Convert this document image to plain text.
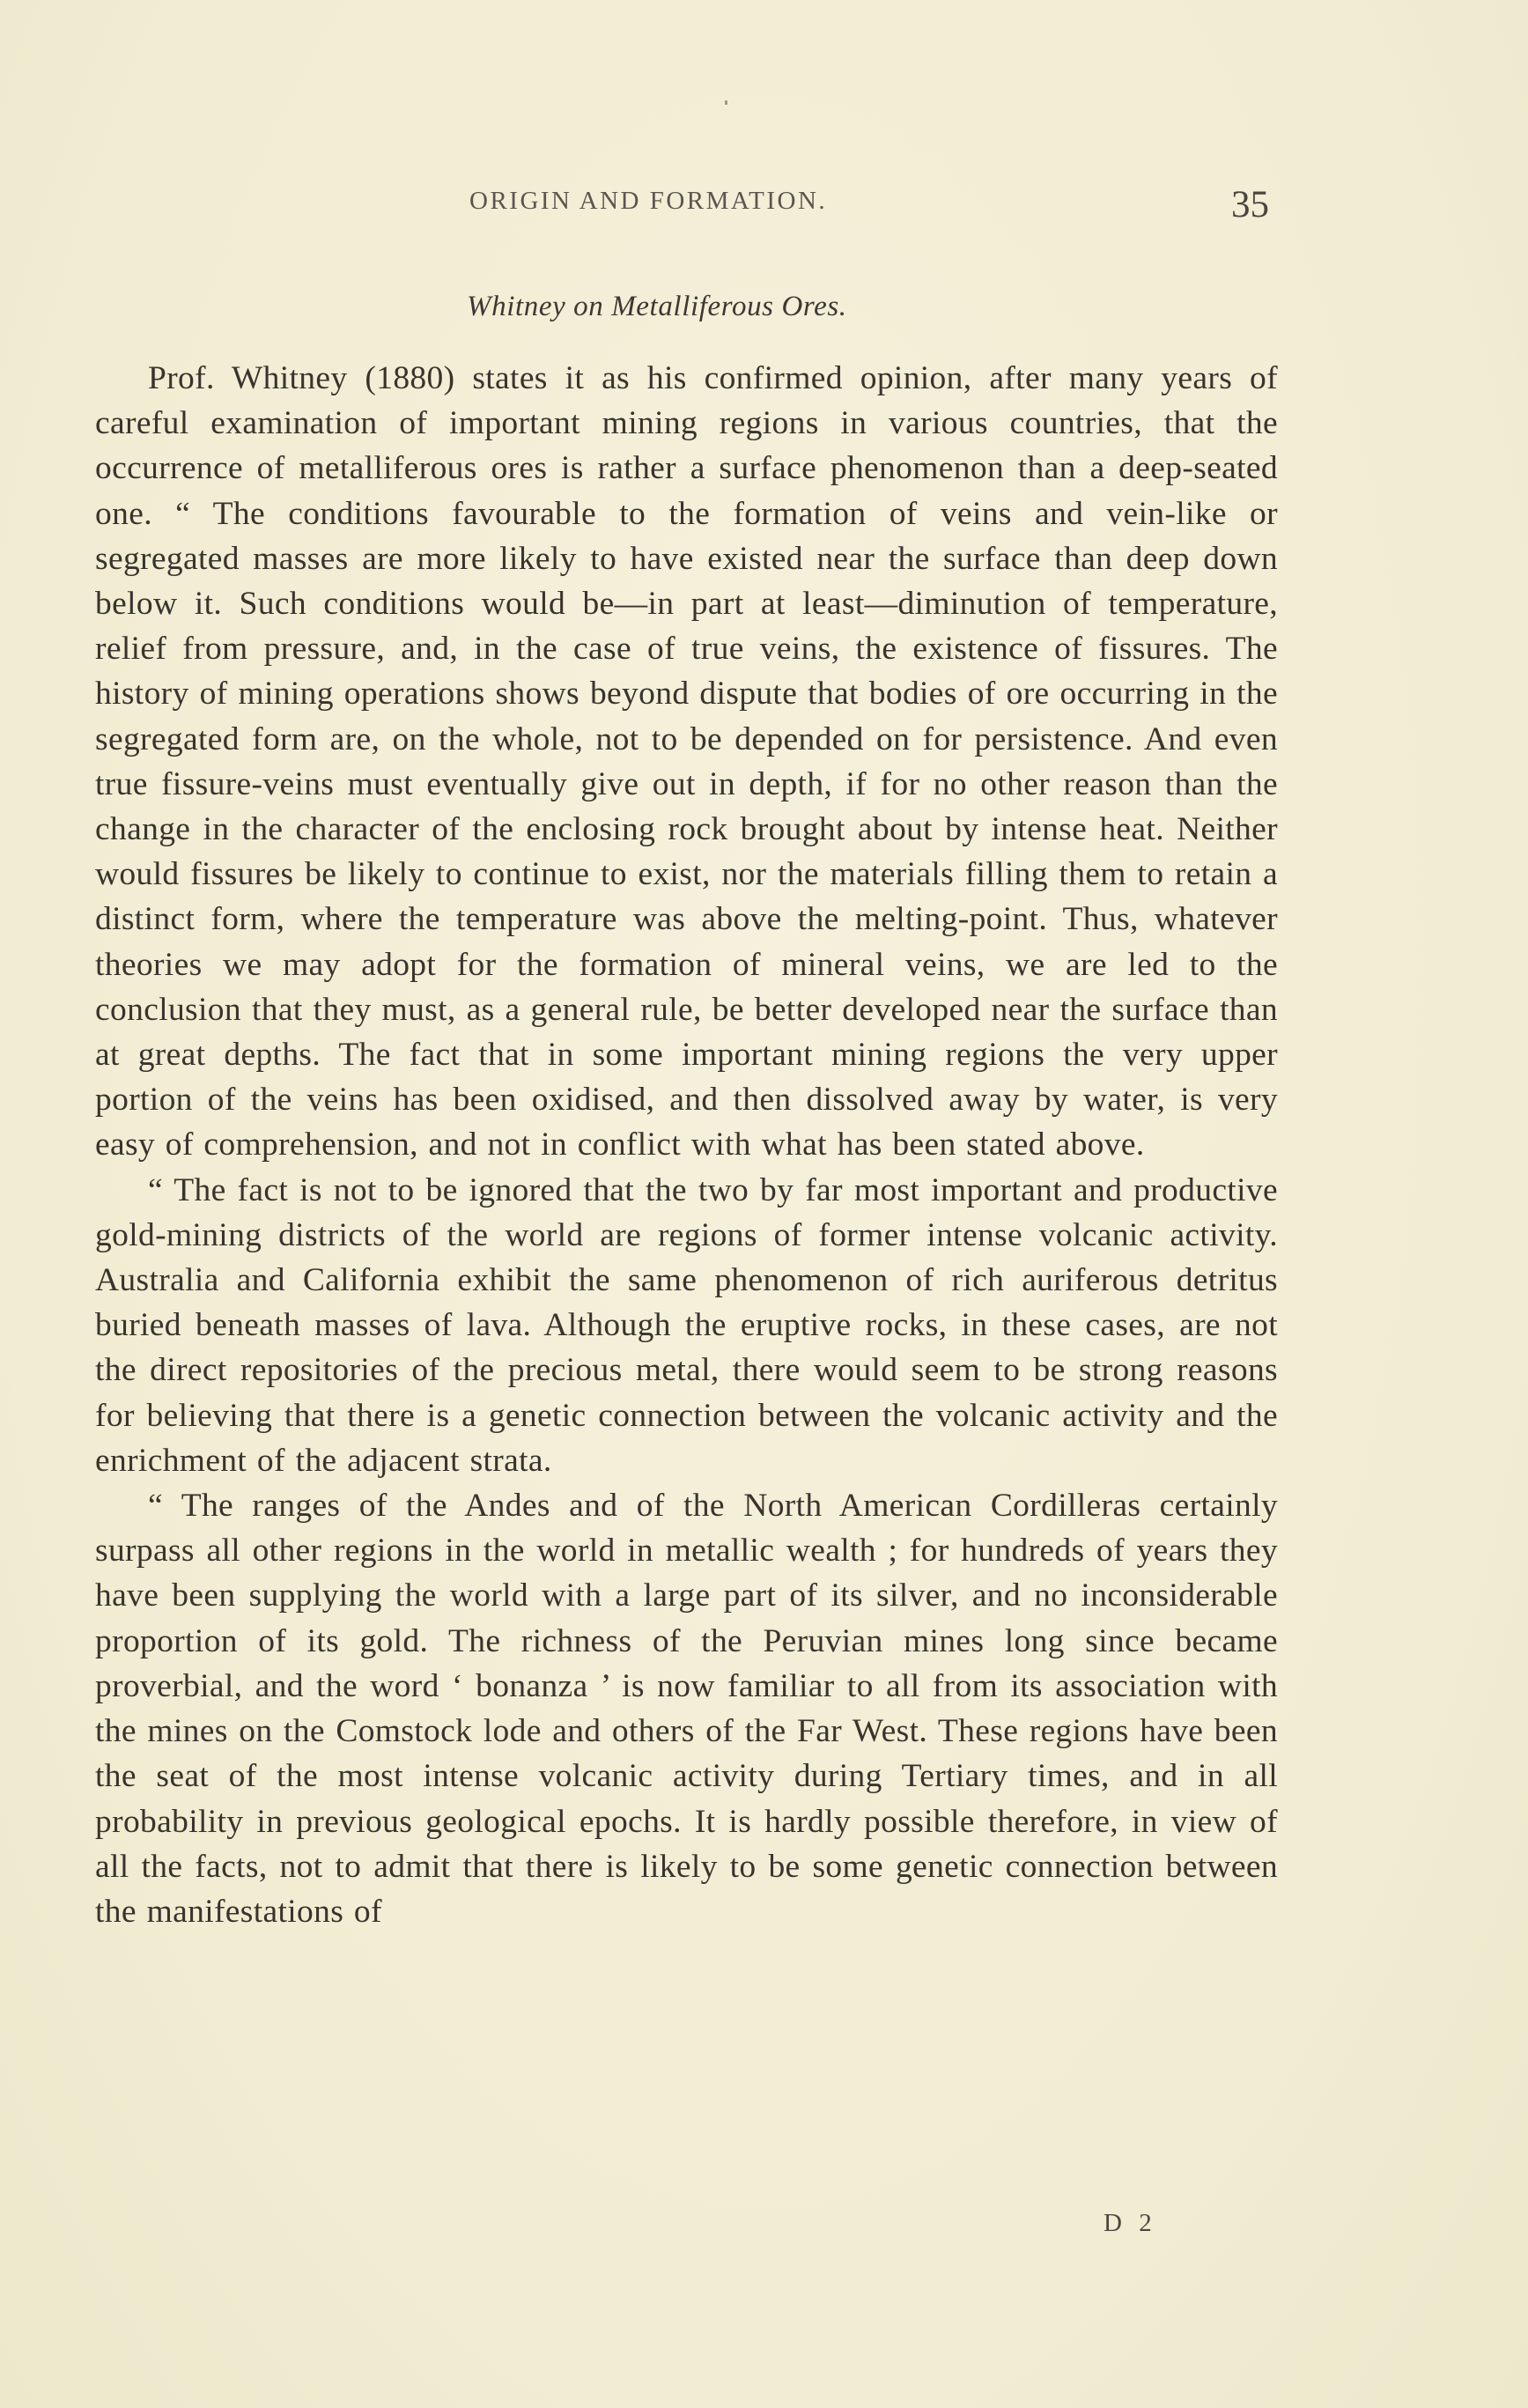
ORIGIN AND FORMATION.	35
Whitney on Metalliferous Ores.

Prof. Whitney (1880) states it as his confirmed opinion, after many years of careful examination of important mining regions in various countries, that the occurrence of metalliferous ores is rather a surface phenomenon than a deep-seated one. “ The conditions favourable to the formation of veins and vein-like or segregated masses are more likely to have existed near the surface than deep down below it. Such conditions would be—in part at least—diminution of temperature, relief from pressure, and, in the case of true veins, the existence of fissures. The history of mining operations shows beyond dispute that bodies of ore occurring in the segregated form are, on the whole, not to be depended on for persistence. And even true fissure-veins must eventually give out in depth, if for no other reason than the change in the character of the enclosing rock brought about by intense heat. Neither would fissures be likely to continue to exist, nor the materials filling them to retain a distinct form, where the temperature was above the melting-point. Thus, whatever theories we may adopt for the formation of mineral veins, we are led to the conclusion that they must, as a general rule, be better developed near the surface than at great depths. The fact that in some important mining regions the very upper portion of the veins has been oxidised, and then dissolved away by water, is very easy of comprehension, and not in conflict with what has been stated above.

“ The fact is not to be ignored that the two by far most important and productive gold-mining districts of the world are regions of former intense volcanic activity. Australia and California exhibit the same phenomenon of rich auriferous detritus buried beneath masses of lava. Although the eruptive rocks, in these cases, are not the direct repositories of the precious metal, there would seem to be strong reasons for believing that there is a genetic connection between the volcanic activity and the enrichment of the adjacent strata.

“ The ranges of the Andes and of the North American Cordilleras certainly surpass all other regions in the world in metallic wealth ; for hundreds of years they have been supplying the world with a large part of its silver, and no inconsiderable proportion of its gold. The richness of the Peruvian mines long since became proverbial, and the word ‘ bonanza ’ is now familiar to all from its association with the mines on the Comstock lode and others of the Far West. These regions have been the seat of the most intense volcanic activity during Tertiary times, and in all probability in previous geological epochs. It is hardly possible therefore, in view of all the facts, not to admit that there is likely to be some genetic connection between the manifestations of

D 2
